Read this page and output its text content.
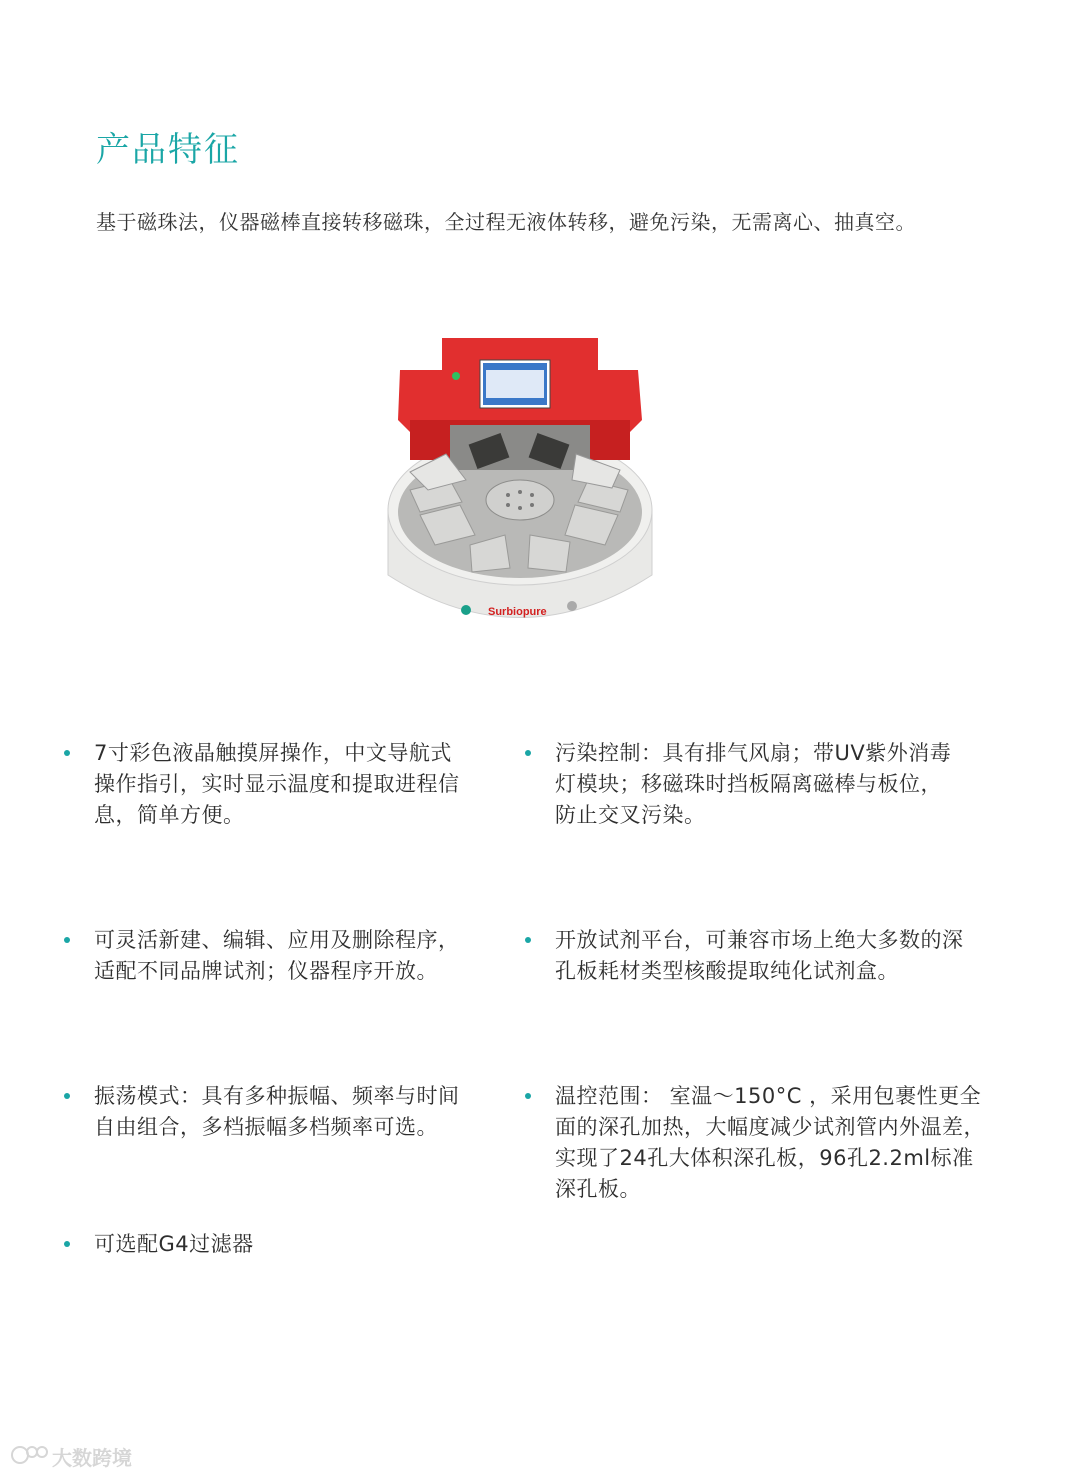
产品特征
基于磁珠法，仪器磁棒直接转移磁珠，全过程无液体转移，避免污染，无需离心、抽真空。
Surbiopure
7寸彩色液晶触摸屏操作，中文导航式
操作指引，实时显示温度和提取进程信
息，简单方便。
污染控制：具有排气风扇；带UV紫外消毒
灯模块；移磁珠时挡板隔离磁棒与板位，
防止交叉污染。
可灵活新建、编辑、应用及删除程序，
适配不同品牌试剂；仪器程序开放。
开放试剂平台，可兼容市场上绝大多数的深
孔板耗材类型核酸提取纯化试剂盒。
振荡模式：具有多种振幅、频率与时间
自由组合，多档振幅多档频率可选。
温控范围： 室温～150°C ，采用包裹性更全
面的深孔加热，大幅度减少试剂管内外温差，
实现了24孔大体积深孔板，96孔2.2ml标准
深孔板。
可选配G4过滤器
大数跨境
